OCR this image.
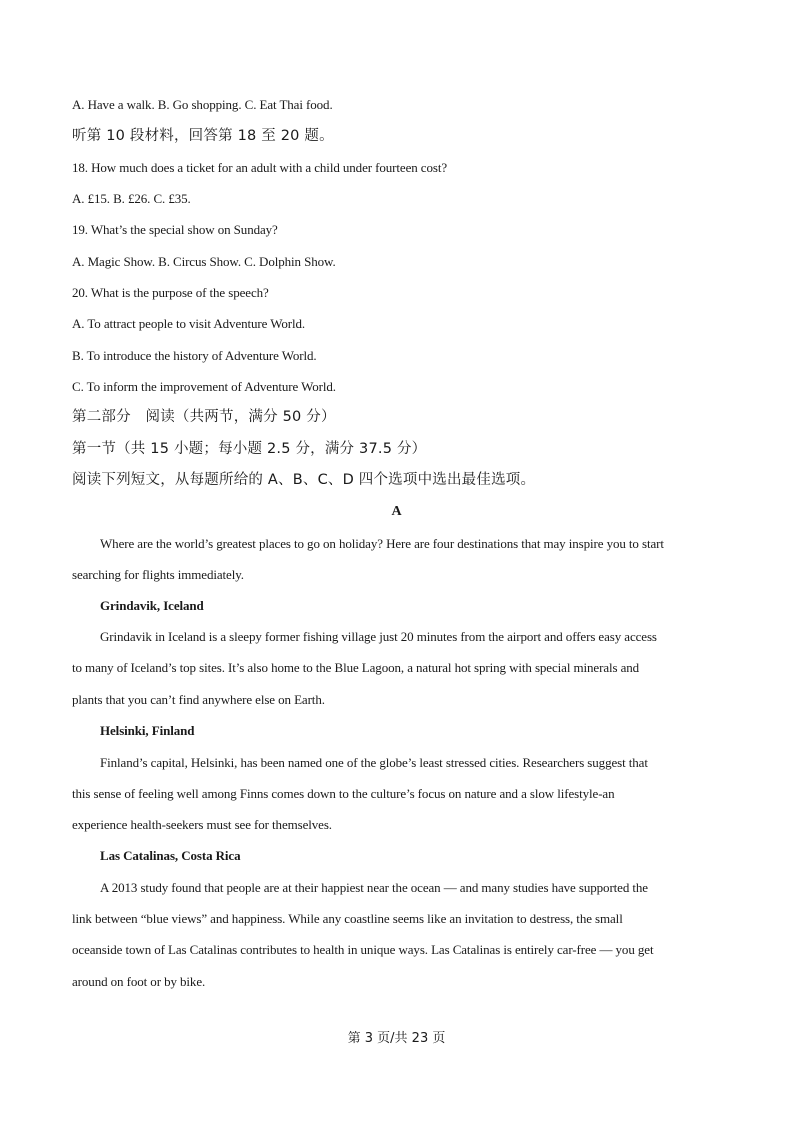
A. Have a walk. B. Go shopping. C. Eat Thai food.
听第 10 段材料，回答第 18 至 20 题。
18. How much does a ticket for an adult with a child under fourteen cost?
A. £15. B. £26. C. £35.
19. What’s the special show on Sunday?
A. Magic Show. B. Circus Show. C. Dolphin Show.
20. What is the purpose of the speech?
A. To attract people to visit Adventure World.
B. To introduce the history of Adventure World.
C. To inform the improvement of Adventure World.
第二部分　阅读（共两节，满分 50 分）
第一节（共 15 小题；每小题 2.5 分，满分 37.5 分）
阅读下列短文，从每题所给的 A、B、C、D 四个选项中选出最佳选项。
A
Where are the world’s greatest places to go on holiday? Here are four destinations that may inspire you to start
searching for flights immediately.
Grindavik, Iceland
Grindavik in Iceland is a sleepy former fishing village just 20 minutes from the airport and offers easy access
to many of Iceland’s top sites. It’s also home to the Blue Lagoon, a natural hot spring with special minerals and
plants that you can’t find anywhere else on Earth.
Helsinki, Finland
Finland’s capital, Helsinki, has been named one of the globe’s least stressed cities. Researchers suggest that
this sense of feeling well among Finns comes down to the culture’s focus on nature and a slow lifestyle-an
experience health-seekers must see for themselves.
Las Catalinas, Costa Rica
A 2013 study found that people are at their happiest near the ocean — and many studies have supported the
link between “blue views” and happiness. While any coastline seems like an invitation to destress, the small
oceanside town of Las Catalinas contributes to health in unique ways. Las Catalinas is entirely car-free — you get
around on foot or by bike.
第 3 页/共 23 页
